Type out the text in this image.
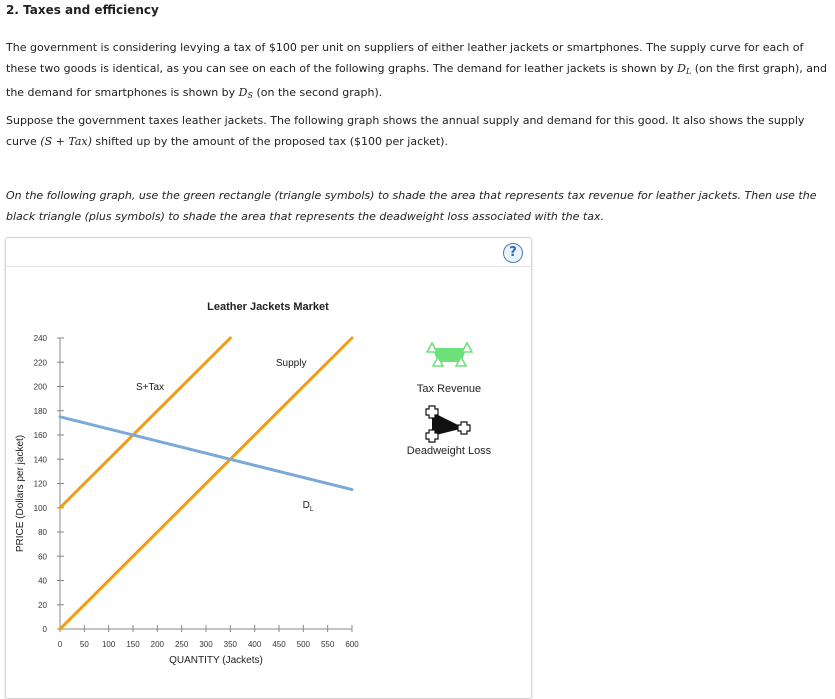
2. Taxes and efficiency

The government is considering levying a tax of $100 per unit on suppliers of either leather jackets or smartphones. The supply curve for each of these two goods is identical, as you can see on each of the following graphs. The demand for leather jackets is shown by $D_L$ (on the first graph), and the demand for smartphones is shown by $D_S$ (on the second graph).

Suppose the government taxes leather jackets. The following graph shows the annual supply and demand for this good. It also shows the supply curve (S + Tax) shifted up by the amount of the proposed tax ($100 per jacket).

On the following graph, use the green rectangle (triangle symbols) to shade the area that represents tax revenue for leather jackets. Then use the black triangle (plus symbols) to shade the area that represents the deadweight loss associated with the tax.

?
Leather Jackets Market
0
20
40
60
80
100
120
140
160
180
200
220
240
0 50 100 150 200 250 300 350 400 450 500 550 600
QUANTITY (Jackets)
PRICE (Dollars per jacket)
Supply
S+Tax
$D_L$
Tax Revenue
Deadweight Loss
